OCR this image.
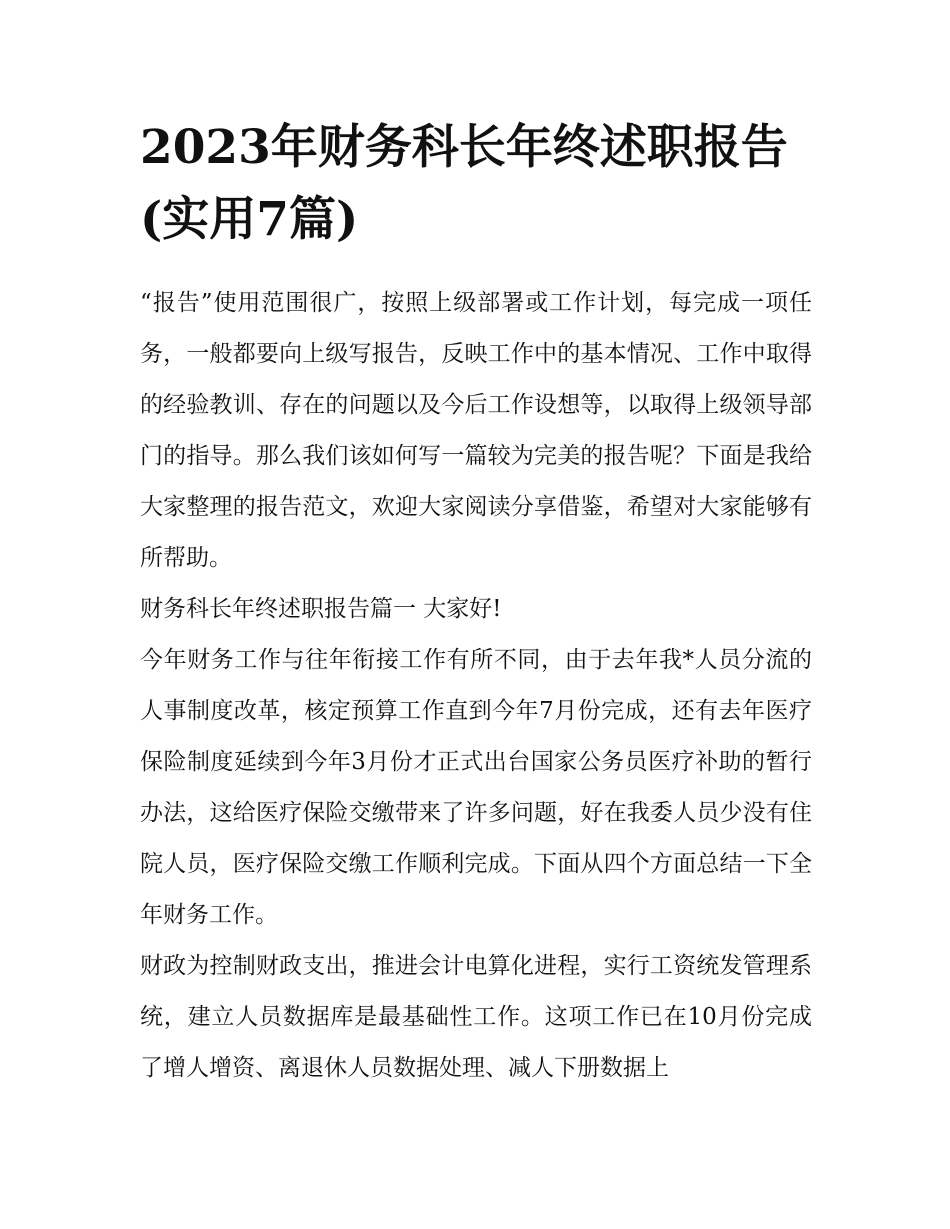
2023年财务科长年终述职报告(实用7篇)

“报告”使用范围很广，按照上级部署或工作计划，每完成一项任务，一般都要向上级写报告，反映工作中的基本情况、工作中取得的经验教训、存在的问题以及今后工作设想等，以取得上级领导部门的指导。那么我们该如何写一篇较为完美的报告呢？下面是我给大家整理的报告范文，欢迎大家阅读分享借鉴，希望对大家能够有所帮助。

财务科长年终述职报告篇一 大家好!

今年财务工作与往年衔接工作有所不同，由于去年我*人员分流的人事制度改革，核定预算工作直到今年7月份完成，还有去年医疗保险制度延续到今年3月份才正式出台国家公务员医疗补助的暂行办法，这给医疗保险交缴带来了许多问题，好在我委人员少没有住院人员，医疗保险交缴工作顺利完成。下面从四个方面总结一下全年财务工作。

财政为控制财政支出，推进会计电算化进程，实行工资统发管理系统，建立人员数据库是最基础性工作。这项工作已在10月份完成了增人增资、离退休人员数据处理、减人下册数据上
